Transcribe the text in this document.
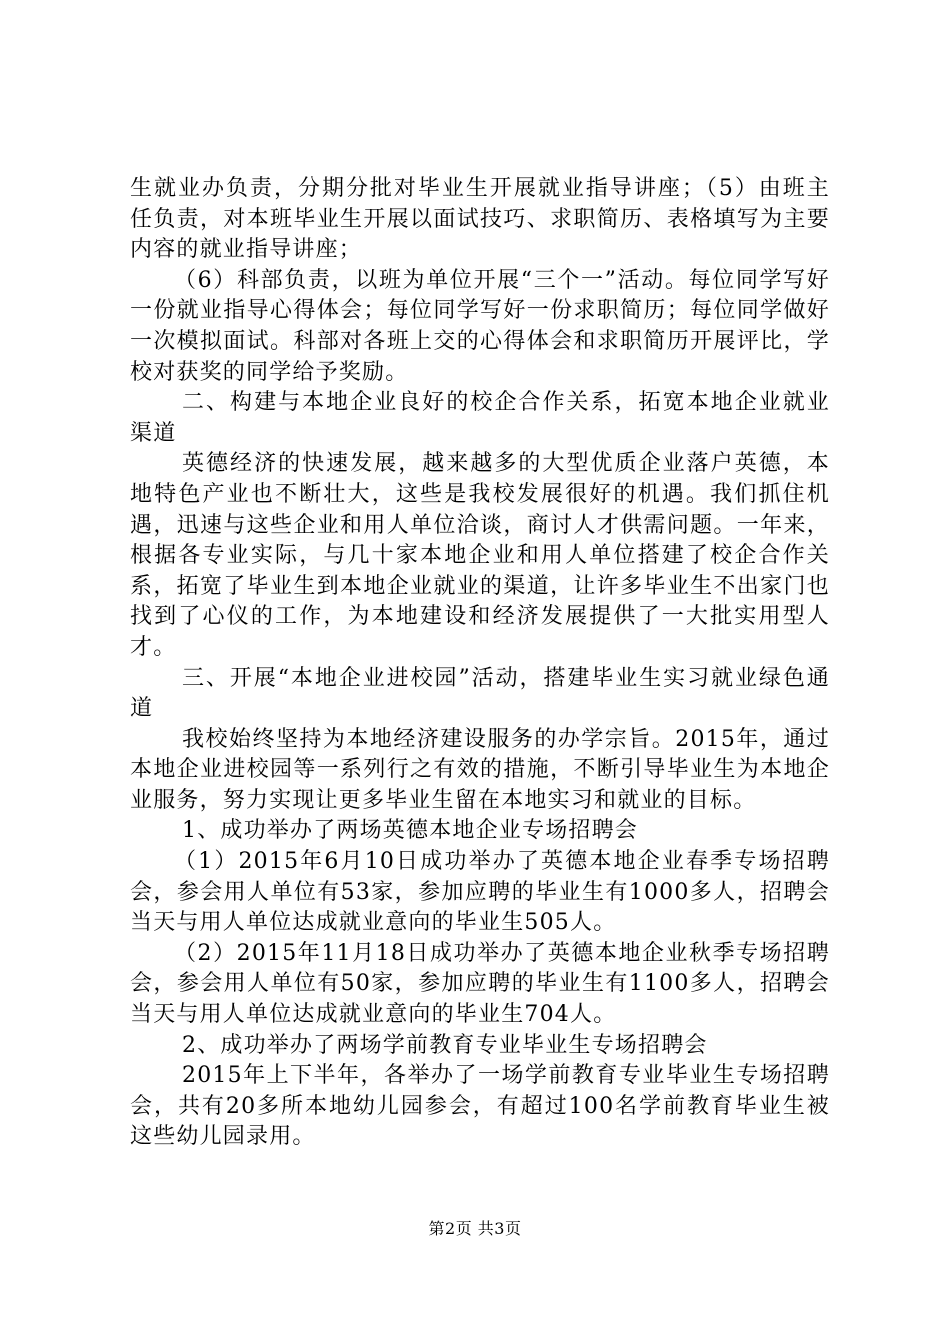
生就业办负责，分期分批对毕业生开展就业指导讲座；（5）由班主任负责，对本班毕业生开展以面试技巧、求职简历、表格填写为主要内容的就业指导讲座；

（6）科部负责，以班为单位开展“三个一”活动。每位同学写好一份就业指导心得体会；每位同学写好一份求职简历；每位同学做好一次模拟面试。科部对各班上交的心得体会和求职简历开展评比，学校对获奖的同学给予奖励。

二、构建与本地企业良好的校企合作关系，拓宽本地企业就业渠道

英德经济的快速发展，越来越多的大型优质企业落户英德，本地特色产业也不断壮大，这些是我校发展很好的机遇。我们抓住机遇，迅速与这些企业和用人单位洽谈，商讨人才供需问题。一年来，根据各专业实际，与几十家本地企业和用人单位搭建了校企合作关系，拓宽了毕业生到本地企业就业的渠道，让许多毕业生不出家门也找到了心仪的工作，为本地建设和经济发展提供了一大批实用型人才。

三、开展“本地企业进校园”活动，搭建毕业生实习就业绿色通道

我校始终坚持为本地经济建设服务的办学宗旨。2015年，通过本地企业进校园等一系列行之有效的措施，不断引导毕业生为本地企业服务，努力实现让更多毕业生留在本地实习和就业的目标。

1、成功举办了两场英德本地企业专场招聘会

（1）2015年6月10日成功举办了英德本地企业春季专场招聘会，参会用人单位有53家，参加应聘的毕业生有1000多人，招聘会当天与用人单位达成就业意向的毕业生505人。

（2）2015年11月18日成功举办了英德本地企业秋季专场招聘会，参会用人单位有50家，参加应聘的毕业生有1100多人，招聘会当天与用人单位达成就业意向的毕业生704人。

2、成功举办了两场学前教育专业毕业生专场招聘会

2015年上下半年，各举办了一场学前教育专业毕业生专场招聘会，共有20多所本地幼儿园参会，有超过100名学前教育毕业生被这些幼儿园录用。

第2页 共3页
